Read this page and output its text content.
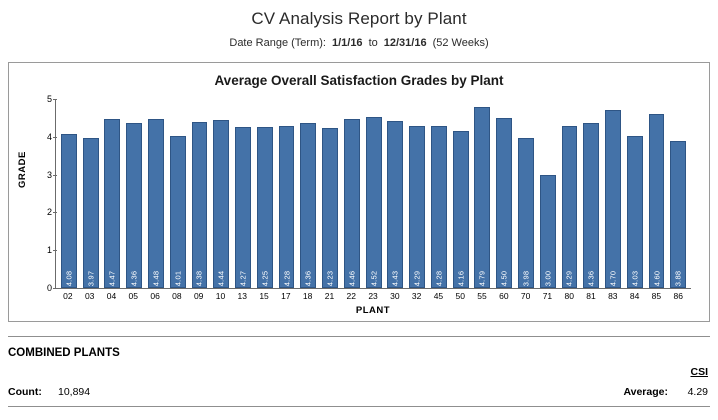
CV Analysis Report by Plant
Date Range (Term): 1/1/16 to 12/31/16 (52 Weeks)
Average Overall Satisfaction Grades by Plant
GRADE
0
1
2
3
4
5
4.08 3.97 4.47 4.36 4.48 4.01 4.38 4.44 4.27 4.25 4.28 4.36 4.23 4.46 4.52 4.43 4.29 4.28 4.16 4.79 4.50 3.98 3.00 4.29 4.36 4.70 4.03 4.60 3.88
02	03	04	05	06	08	09	10	13	15	17	18	21	22	23	30	32	45	50	55	60	70	71	80	81	83	84	85	86
PLANT
COMBINED PLANTS
CSI
Count: 10,894	Average: 4.29
